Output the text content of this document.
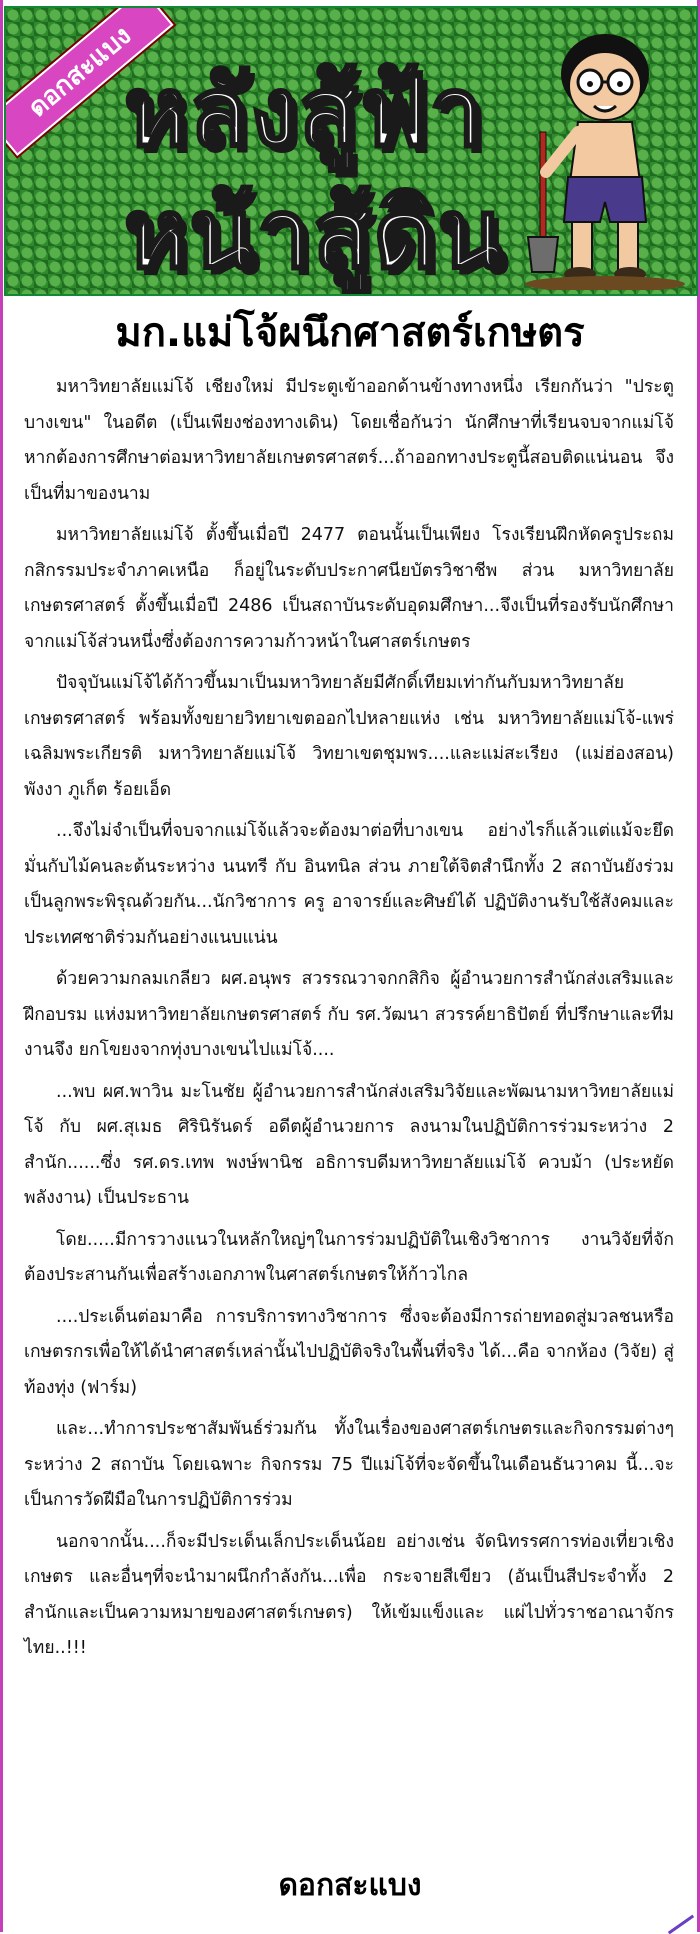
ดอกสะแบง
หลังสู้ฟ้า
หน้าสู้ดิน
มก.แม่โจ้ผนึกศาสตร์เกษตร

มหาวิทยาลัยแม่โจ้ เชียงใหม่ มีประตูเข้าออกด้านข้างทางหนึ่ง เรียกกันว่า "ประตูบางเขน" ในอดีต (เป็นเพียงช่องทางเดิน) โดยเชื่อกันว่า นักศึกษาที่เรียนจบจากแม่โจ้หากต้องการศึกษาต่อมหาวิทยาลัยเกษตรศาสตร์...ถ้าออกทางประตูนี้สอบติดแน่นอน จึงเป็นที่มาของนาม

มหาวิทยาลัยแม่โจ้ ตั้งขึ้นเมื่อปี 2477 ตอนนั้นเป็นเพียง โรงเรียนฝึกหัดครูประถมกสิกรรมประจำภาคเหนือ ก็อยู่ในระดับประกาศนียบัตรวิชาชีพ ส่วน มหาวิทยาลัยเกษตรศาสตร์ ตั้งขึ้นเมื่อปี 2486 เป็นสถาบันระดับอุดมศึกษา...จึงเป็นที่รองรับนักศึกษาจากแม่โจ้ส่วนหนึ่งซึ่งต้องการความก้าวหน้าในศาสตร์เกษตร

ปัจจุบันแม่โจ้ได้ก้าวขึ้นมาเป็นมหาวิทยาลัยมีศักดิ์เทียมเท่ากันกับมหาวิทยาลัยเกษตรศาสตร์ พร้อมทั้งขยายวิทยาเขตออกไปหลายแห่ง เช่น มหาวิทยาลัยแม่โจ้-แพร่ เฉลิมพระเกียรติ มหาวิทยาลัยแม่โจ้ วิทยาเขตชุมพร....และแม่สะเรียง (แม่ฮ่องสอน) พังงา ภูเก็ต ร้อยเอ็ด

...จึงไม่จำเป็นที่จบจากแม่โจ้แล้วจะต้องมาต่อที่บางเขน อย่างไรก็แล้วแต่แม้จะยึดมั่นกับไม้คนละต้นระหว่าง นนทรี กับ อินทนิล ส่วน ภายใต้จิตสำนึกทั้ง 2 สถาบันยังร่วมเป็นลูกพระพิรุณด้วยกัน...นักวิชาการ ครู อาจารย์และศิษย์ได้ ปฏิบัติงานรับใช้สังคมและประเทศชาติร่วมกันอย่างแนบแน่น

ด้วยความกลมเกลียว ผศ.อนุพร สวรรณวาจกกสิกิจ ผู้อำนวยการสำนักส่งเสริมและฝึกอบรม แห่งมหาวิทยาลัยเกษตรศาสตร์ กับ รศ.วัฒนา สวรรค์ยาธิปัตย์ ที่ปรึกษาและทีมงานจึง ยกโขยงจากทุ่งบางเขนไปแม่โจ้....

...พบ ผศ.พาวิน มะโนชัย ผู้อำนวยการสำนักส่งเสริมวิจัยและพัฒนามหาวิทยาลัยแม่โจ้ กับ ผศ.สุเมธ ศิรินิรันดร์ อดีตผู้อำนวยการ ลงนามในปฏิบัติการร่วมระหว่าง 2 สำนัก......ซึ่ง รศ.ดร.เทพ พงษ์พานิช อธิการบดีมหาวิทยาลัยแม่โจ้ ควบม้า (ประหยัดพลังงาน) เป็นประธาน

โดย.....มีการวางแนวในหลักใหญ่ๆในการร่วมปฏิบัติในเชิงวิชาการ งานวิจัยที่จักต้องประสานกันเพื่อสร้างเอกภาพในศาสตร์เกษตรให้ก้าวไกล

....ประเด็นต่อมาคือ การบริการทางวิชาการ ซึ่งจะต้องมีการถ่ายทอดสู่มวลชนหรือเกษตรกรเพื่อให้ได้นำศาสตร์เหล่านั้นไปปฏิบัติจริงในพื้นที่จริง ได้...คือ จากห้อง (วิจัย) สู่ท้องทุ่ง (ฟาร์ม)

และ...ทำการประชาสัมพันธ์ร่วมกัน ทั้งในเรื่องของศาสตร์เกษตรและกิจกรรมต่างๆระหว่าง 2 สถาบัน โดยเฉพาะ กิจกรรม 75 ปีแม่โจ้ที่จะจัดขึ้นในเดือนธันวาคม นี้...จะเป็นการวัดฝีมือในการปฏิบัติการร่วม

นอกจากนั้น....ก็จะมีประเด็นเล็กประเด็นน้อย อย่างเช่น จัดนิทรรศการท่องเที่ยวเชิงเกษตร และอื่นๆที่จะนำมาผนึกกำลังกัน...เพื่อ กระจายสีเขียว (อันเป็นสีประจำทั้ง 2 สำนักและเป็นความหมายของศาสตร์เกษตร) ให้เข้มแข็งและ แผ่ไปทั่วราชอาณาจักรไทย..!!!

ดอกสะแบง
